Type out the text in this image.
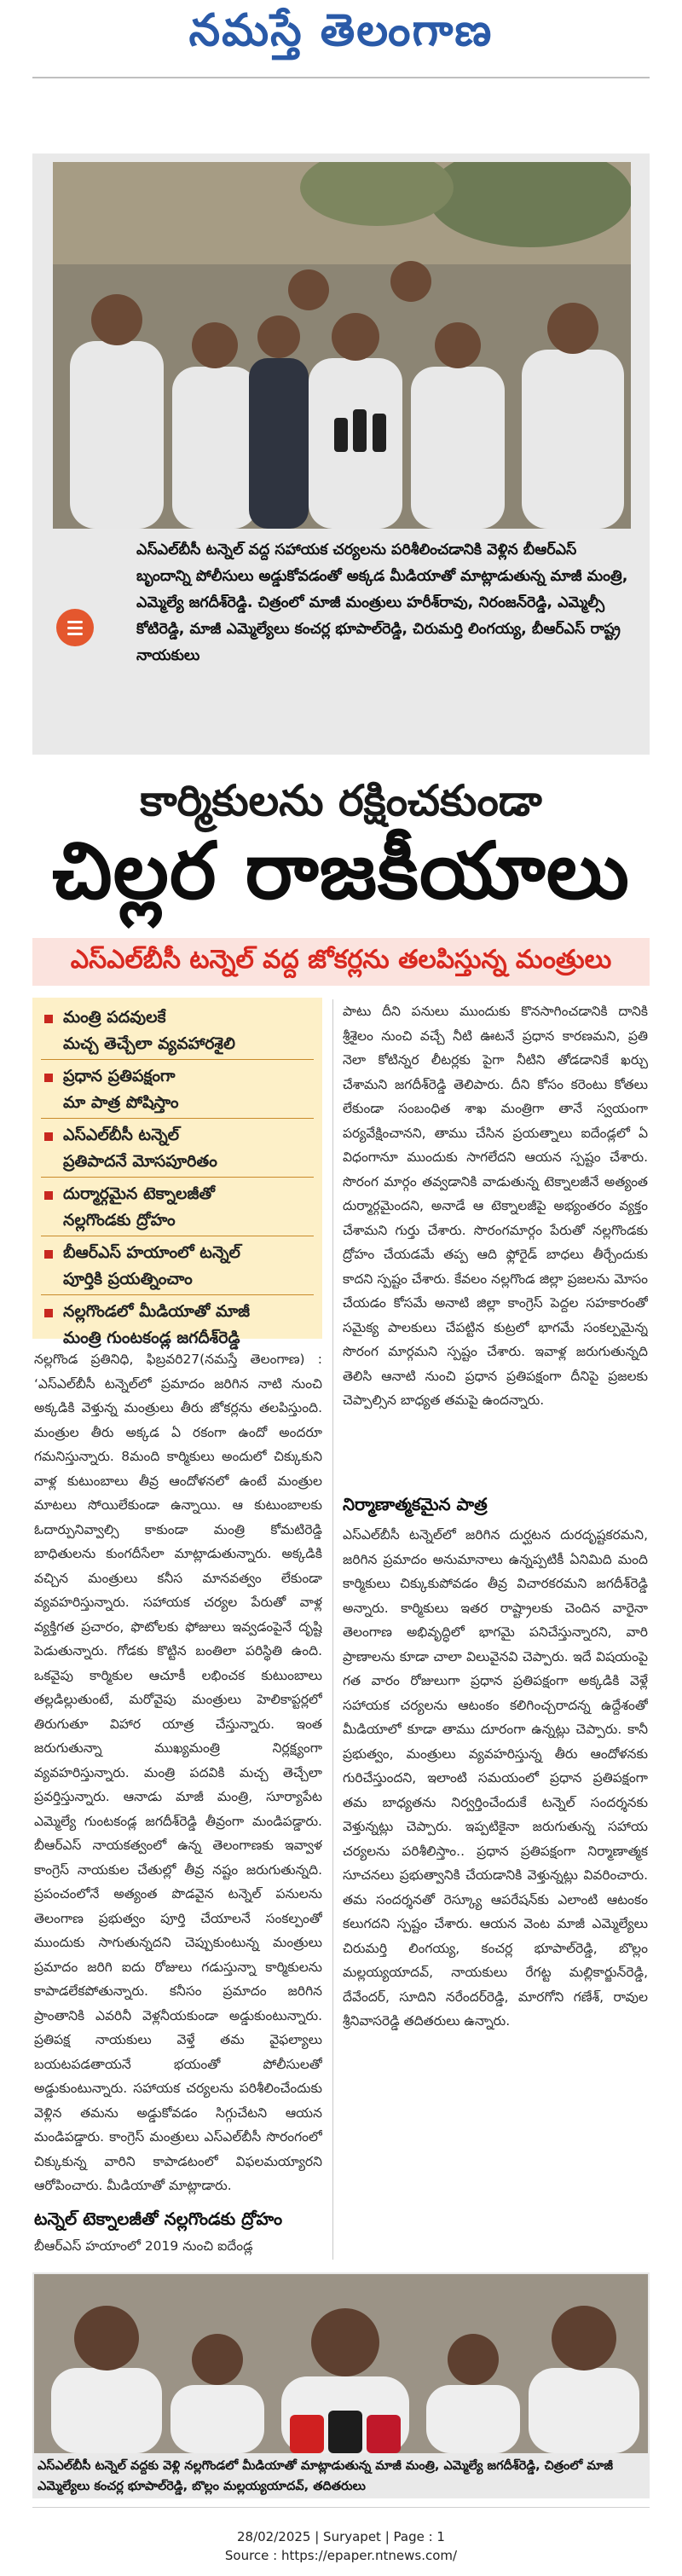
నమస్తే తెలంగాణ
ఎస్‌ఎల్‌బీసీ టన్నెల్ వద్ద సహాయక చర్యలను పరిశీలించడానికి వెళ్లిన బీఆర్‌ఎస్ బృందాన్ని పోలీసులు అడ్డుకోవడంతో అక్కడ మీడియాతో మాట్లాడుతున్న మాజీ మంత్రి, ఎమ్మెల్యే జగదీశ్‌రెడ్డి. చిత్రంలో మాజీ మంత్రులు హరీశ్‌రావు, నిరంజన్‌రెడ్డి, ఎమ్మెల్సీ కోటిరెడ్డి, మాజీ ఎమ్మెల్యేలు కంచర్ల భూపాల్‌రెడ్డి, చిరుమర్తి లింగయ్య, బీఆర్‌ఎస్ రాష్ట్ర నాయకులు
కార్మికులను రక్షించకుండా
చిల్లర రాజకీయాలు
ఎస్‌ఎల్‌బీసీ టన్నెల్ వద్ద జోకర్లను తలపిస్తున్న మంత్రులు
మంత్రి పదవులకే
మచ్చ తెచ్చేలా వ్యవహారశైలి
ప్రధాన ప్రతిపక్షంగా
మా పాత్ర పోషిస్తాం
ఎస్‌ఎల్‌బీసీ టన్నెల్
ప్రతిపాదనే మోసపూరితం
దుర్మార్గమైన టెక్నాలజీతో
నల్లగొండకు ద్రోహం
బీఆర్‌ఎస్ హయాంలో టన్నెల్
పూర్తికి ప్రయత్నించాం
నల్లగొండలో మీడియాతో మాజీ
మంత్రి గుంటకండ్ల జగదీశ్‌రెడ్డి
నల్లగొండ ప్రతినిధి, ఫిబ్రవరి27(నమస్తే తెలంగాణ) : ‘ఎస్‌ఎల్‌బీసీ టన్నెల్‌లో ప్రమాదం జరిగిన నాటి నుంచి అక్కడికి వెళ్తున్న మంత్రులు తీరు జోకర్లను తలపిస్తుంది. మంత్రుల తీరు అక్కడ ఏ రకంగా ఉందో అందరూ గమనిస్తున్నారు. 8మంది కార్మికులు అందులో చిక్కుకుని వాళ్ల కుటుంబాలు తీవ్ర ఆందోళనలో ఉంటే మంత్రుల మాటలు సోయిలేకుండా ఉన్నాయి. ఆ కుటుంబాలకు ఓదార్పునివ్వాల్సి కాకుండా మంత్రి కోమటిరెడ్డి బాధితులను కుంగదీసేలా మాట్లాడుతున్నారు. అక్కడికి వచ్చిన మంత్రులు కనీస మానవత్వం లేకుండా వ్యవహరిస్తున్నారు. సహాయక చర్యల పేరుతో వాళ్ల వ్యక్తిగత ప్రచారం, ఫొటోలకు ఫోజులు ఇవ్వడంపైనే దృష్టి పెడుతున్నారు. గోడకు కొట్టిన బంతిలా పరిస్థితి ఉంది. ఒకవైపు కార్మికుల ఆచూకీ లభించక కుటుంబాలు తల్లడిల్లుతుంటే, మరోవైపు మంత్రులు హెలికాప్టర్లలో తిరుగుతూ విహార యాత్ర చేస్తున్నారు. ఇంత జరుగుతున్నా ముఖ్యమంత్రి నిర్లక్ష్యంగా వ్యవహరిస్తున్నారు. మంత్రి పదవికి మచ్చ తెచ్చేలా ప్రవర్తిస్తున్నారు. ఆనాడు మాజీ మంత్రి, సూర్యాపేట ఎమ్మెల్యే గుంటకండ్ల జగదీశ్‌రెడ్డి తీవ్రంగా మండిపడ్డారు. బీఆర్‌ఎస్ నాయకత్వంలో ఉన్న తెలంగాణకు ఇవ్వాళ కాంగ్రెస్ నాయకుల చేతుల్లో తీవ్ర నష్టం జరుగుతున్నది. ప్రపంచంలోనే అత్యంత పొడవైన టన్నెల్ పనులను తెలంగాణ ప్రభుత్వం పూర్తి చేయాలనే సంకల్పంతో ముందుకు సాగుతున్నదని చెప్పుకుంటున్న మంత్రులు ప్రమాదం జరిగి ఐదు రోజులు గడుస్తున్నా కార్మికులను కాపాడలేకపోతున్నారు. కనీసం ప్రమాదం జరిగిన ప్రాంతానికి ఎవరినీ వెళ్లనీయకుండా అడ్డుకుంటున్నారు. ప్రతిపక్ష నాయకులు వెళ్తే తమ వైఫల్యాలు బయటపడతాయనే భయంతో పోలీసులతో అడ్డుకుంటున్నారు. సహాయక చర్యలను పరిశీలించేందుకు వెళ్లిన తమను అడ్డుకోవడం సిగ్గుచేటని ఆయన మండిపడ్డారు. కాంగ్రెస్ మంత్రులు ఎస్‌ఎల్‌బీసీ సొరంగంలో చిక్కుకున్న వారిని కాపాడటంలో విఫలమయ్యారని ఆరోపించారు. మీడియాతో మాట్లాడారు.
టన్నెల్ టెక్నాలజీతో నల్లగొండకు ద్రోహం
బీఆర్‌ఎస్ హయాంలో 2019 నుంచి ఐదేండ్ల
పాటు దీని పనులు ముందుకు కొనసాగించడానికి దానికి శ్రీశైలం నుంచి వచ్చే నీటి ఊటనే ప్రధాన కారణమని, ప్రతి నెలా కోటిన్నర లీటర్లకు పైగా నీటిని తోడడానికే ఖర్చు చేశామని జగదీశ్‌రెడ్డి తెలిపారు. దీని కోసం కరెంటు కోతలు లేకుండా సంబంధిత శాఖ మంత్రిగా తానే స్వయంగా పర్యవేక్షించానని, తాము చేసిన ప్రయత్నాలు ఐదేండ్లలో ఏ విధంగానూ ముందుకు సాగలేదని ఆయన స్పష్టం చేశారు. సొరంగ మార్గం తవ్వడానికి వాడుతున్న టెక్నాలజీనే అత్యంత దుర్మార్గమైందని, అనాడే ఆ టెక్నాలజీపై అభ్యంతరం వ్యక్తం చేశామని గుర్తు చేశారు. సొరంగమార్గం పేరుతో నల్లగొండకు ద్రోహం చేయడమే తప్ప ఆది ఫ్లోరైడ్ బాధలు తీర్చేందుకు కాదని స్పష్టం చేశారు. కేవలం నల్లగొండ జిల్లా ప్రజలను మోసం చేయడం కోసమే అనాటి జిల్లా కాంగ్రెస్ పెద్దల సహకారంతో సమైక్య పాలకులు చేపట్టిన కుట్రలో భాగమే సంకల్పమైన్న సొరంగ మార్గమని స్పష్టం చేశారు. ఇవాళ్ల జరుగుతున్నది తెలిసి ఆనాటి నుంచి ప్రధాన ప్రతిపక్షంగా దీనిపై ప్రజలకు చెప్పాల్సిన బాధ్యత తమపై ఉందన్నారు.
నిర్మాణాత్మకమైన పాత్ర
ఎస్‌ఎల్‌బీసీ టన్నెల్‌లో జరిగిన దుర్ఘటన దురదృష్టకరమని, జరిగిన ప్రమాదం అనుమానాలు ఉన్నప్పటికీ ఏనిమిది మంది కార్మికులు చిక్కుకుపోవడం తీవ్ర విచారకరమని జగదీశ్‌రెడ్డి అన్నారు. కార్మికులు ఇతర రాష్ట్రాలకు చెందిన వారైనా తెలంగాణ అభివృద్ధిలో భాగమై పనిచేస్తున్నారని, వారి ప్రాణాలను కూడా చాలా విలువైనవి చెప్పారు. ఇదే విషయంపై గత వారం రోజులుగా ప్రధాన ప్రతిపక్షంగా అక్కడికి వెళ్లే సహాయక చర్యలను ఆటంకం కలిగించ్చరాదన్న ఉద్దేశంతో మీడియాలో కూడా తాము దూరంగా ఉన్నట్లు చెప్పారు. కానీ ప్రభుత్వం, మంత్రులు వ్యవహరిస్తున్న తీరు ఆందోళనకు గురిచేస్తుందని, ఇలాంటి సమయంలో ప్రధాన ప్రతిపక్షంగా తమ బాధ్యతను నిర్వర్తించేందుకే టన్నెల్ సందర్శనకు వెళ్తున్నట్లు చెప్పారు. ఇప్పటికైనా జరుగుతున్న సహాయ చర్యలను పరిశీలిస్తాం.. ప్రధాన ప్రతిపక్షంగా నిర్మాణాత్మక సూచనలు ప్రభుత్వానికి చేయడానికి వెళ్తున్నట్లు వివరించారు. తమ సందర్శనతో రెస్క్యూ ఆపరేషన్‌కు ఎలాంటి ఆటంకం కలుగదని స్పష్టం చేశారు. ఆయన వెంట మాజీ ఎమ్మెల్యేలు చిరుమర్తి లింగయ్య, కంచర్ల భూపాల్‌రెడ్డి, బొల్లం మల్లయ్యయాదవ్, నాయకులు రేగట్ట మల్లికార్జున్‌రెడ్డి, దేవేందర్, సూదిని నరేందర్‌రెడ్డి, మారగోని గణేశ్, రావుల శ్రీనివాసరెడ్డి తదితరులు ఉన్నారు.
ఎస్‌ఎల్‌బీసీ టన్నెల్ వద్దకు వెళ్లి నల్లగొండలో మీడియాతో మాట్లాడుతున్న మాజీ మంత్రి, ఎమ్మెల్యే జగదీశ్‌రెడ్డి, చిత్రంలో మాజీ ఎమ్మెల్యేలు కంచర్ల భూపాల్‌రెడ్డి, బొల్లం మల్లయ్యయాదవ్, తదితరులు
28/02/2025 | Suryapet | Page : 1
Source : https://epaper.ntnews.com/
